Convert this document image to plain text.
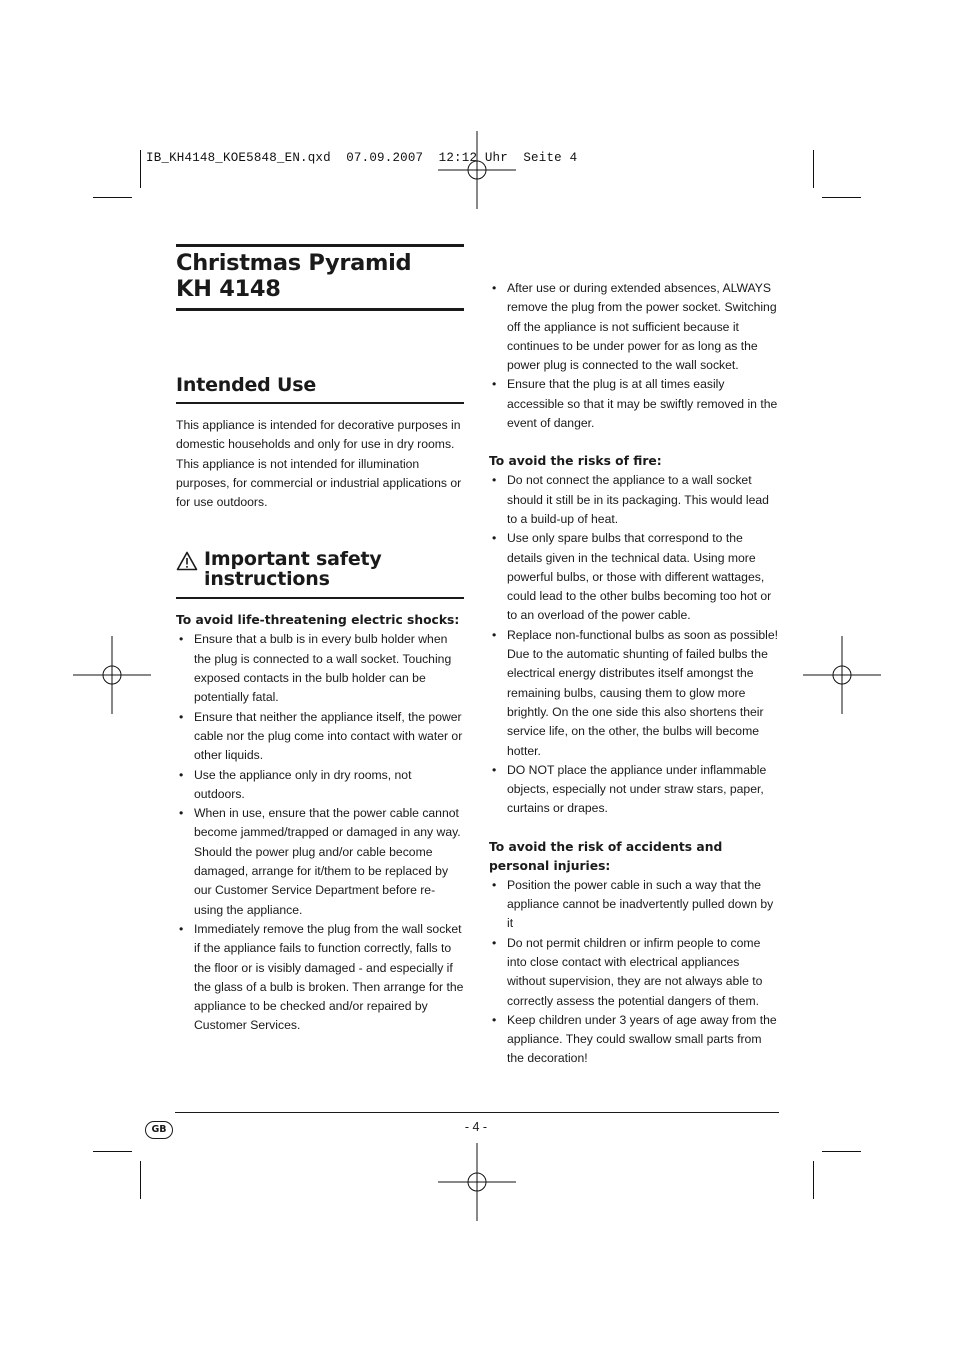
IB_KH4148_KOE5848_EN.qxd  07.09.2007  12:12 Uhr  Seite 4
Christmas Pyramid
KH 4148
Intended Use

This appliance is intended for decorative purposes in domestic households and only for use in dry rooms.

This appliance is not intended for illumination purposes, for commercial or industrial applications or for use outdoors.

Important safety
instructions

To avoid life-threatening electric shocks:

• Ensure that a bulb is in every bulb holder when the plug is connected to a wall socket. Touching exposed contacts in the bulb holder can be potentially fatal.
• Ensure that neither the appliance itself, the power cable nor the plug come into contact with water or other liquids.
• Use the appliance only in dry rooms, not outdoors.
• When in use, ensure that the power cable cannot become jammed/trapped or damaged in any way. Should the power plug and/or cable become damaged, arrange for it/them to be replaced by our Customer Service Department before re-using the appliance.
• Immediately remove the plug from the wall socket if the appliance fails to function correctly, falls to the floor or is visibly damaged - and especially if the glass of a bulb is broken. Then arrange for the appliance to be checked and/or repaired by Customer Services.
• After use or during extended absences, ALWAYS remove the plug from the power socket. Switching off the appliance is not sufficient because it continues to be under power for as long as the power plug is connected to the wall socket.
• Ensure that the plug is at all times easily accessible so that it may be swiftly removed in the event of danger.

To avoid the risks of fire:

• Do not connect the appliance to a wall socket should it still be in its packaging. This would lead to a build-up of heat.
• Use only spare bulbs that correspond to the details given in the technical data. Using more powerful bulbs, or those with different wattages, could lead to the other bulbs becoming too hot or to an overload of the power cable.
• Replace non-functional bulbs as soon as possible! Due to the automatic shunting of failed bulbs the electrical energy distributes itself amongst the remaining bulbs, causing them to glow more brightly. On the one side this also shortens their service life, on the other, the bulbs will become hotter.
• DO NOT place the appliance under inflammable objects, especially not under straw stars, paper, curtains or drapes.

To avoid the risk of accidents and personal injuries:

• Position the power cable in such a way that the appliance cannot be inadvertently pulled down by it
• Do not permit children or infirm people to come into close contact with electrical appliances without supervision, they are not always able to correctly assess the potential dangers of them.
• Keep children under 3 years of age away from the appliance. They could swallow small parts from the decoration!
GB	- 4 -
